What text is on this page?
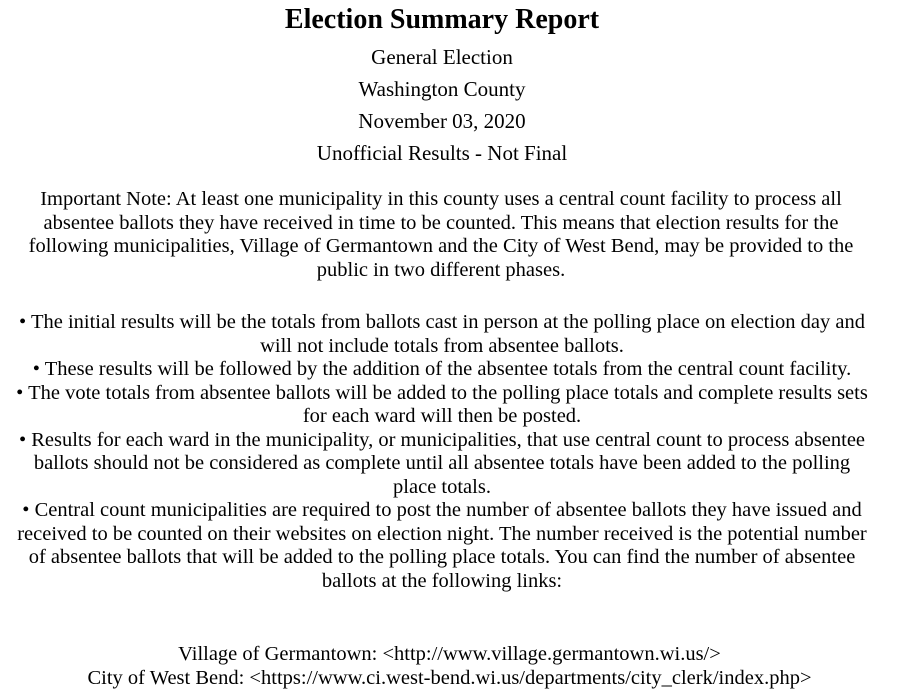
Election Summary Report
General Election
Washington County
November 03, 2020
Unofficial Results - Not Final
Important Note: At least one municipality in this county uses a central count facility to process all absentee ballots they have received in time to be counted. This means that election results for the following municipalities, Village of Germantown and the City of West Bend, may be provided to the public in two different phases.

• The initial results will be the totals from ballots cast in person at the polling place on election day and will not include totals from absentee ballots.

• These results will be followed by the addition of the absentee totals from the central count facility.

• The vote totals from absentee ballots will be added to the polling place totals and complete results sets for each ward will then be posted.

• Results for each ward in the municipality, or municipalities, that use central count to process absentee ballots should not be considered as complete until all absentee totals have been added to the polling place totals.

• Central count municipalities are required to post the number of absentee ballots they have issued and received to be counted on their websites on election night. The number received is the potential number of absentee ballots that will be added to the polling place totals. You can find the number of absentee ballots at the following links:

Village of Germantown: <http://www.village.germantown.wi.us/>

City of West Bend: <https://www.ci.west-bend.wi.us/departments/city_clerk/index.php>
